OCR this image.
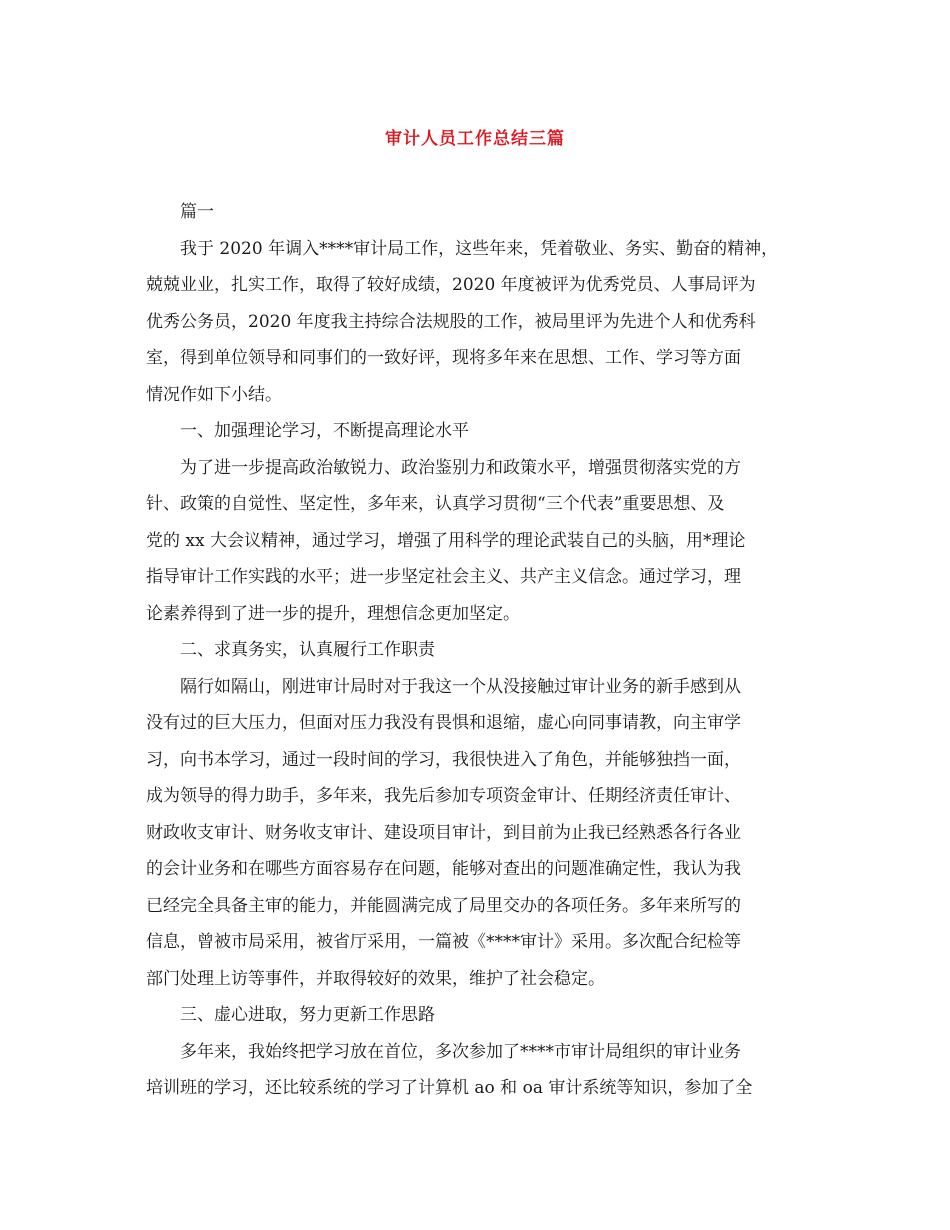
审计人员工作总结三篇
篇一
我于 2020 年调入****审计局工作，这些年来，凭着敬业、务实、勤奋的精神，
兢兢业业，扎实工作，取得了较好成绩，2020 年度被评为优秀党员、人事局评为
优秀公务员，2020 年度我主持综合法规股的工作，被局里评为先进个人和优秀科
室，得到单位领导和同事们的一致好评，现将多年来在思想、工作、学习等方面
情况作如下小结。
一、加强理论学习，不断提高理论水平
为了进一步提高政治敏锐力、政治鉴别力和政策水平，增强贯彻落实党的方
针、政策的自觉性、坚定性，多年来，认真学习贯彻“三个代表”重要思想、及
党的 xx 大会议精神，通过学习，增强了用科学的理论武装自己的头脑，用*理论
指导审计工作实践的水平；进一步坚定社会主义、共产主义信念。通过学习，理
论素养得到了进一步的提升，理想信念更加坚定。
二、求真务实，认真履行工作职责
隔行如隔山，刚进审计局时对于我这一个从没接触过审计业务的新手感到从
没有过的巨大压力，但面对压力我没有畏惧和退缩，虚心向同事请教，向主审学
习，向书本学习，通过一段时间的学习，我很快进入了角色，并能够独挡一面，
成为领导的得力助手，多年来，我先后参加专项资金审计、任期经济责任审计、
财政收支审计、财务收支审计、建设项目审计，到目前为止我已经熟悉各行各业
的会计业务和在哪些方面容易存在问题，能够对查出的问题准确定性，我认为我
已经完全具备主审的能力，并能圆满完成了局里交办的各项任务。多年来所写的
信息，曾被市局采用，被省厅采用，一篇被《****审计》采用。多次配合纪检等
部门处理上访等事件，并取得较好的效果，维护了社会稳定。
三、虚心进取，努力更新工作思路
多年来，我始终把学习放在首位，多次参加了****市审计局组织的审计业务
培训班的学习，还比较系统的学习了计算机 ao 和 oa 审计系统等知识，参加了全
